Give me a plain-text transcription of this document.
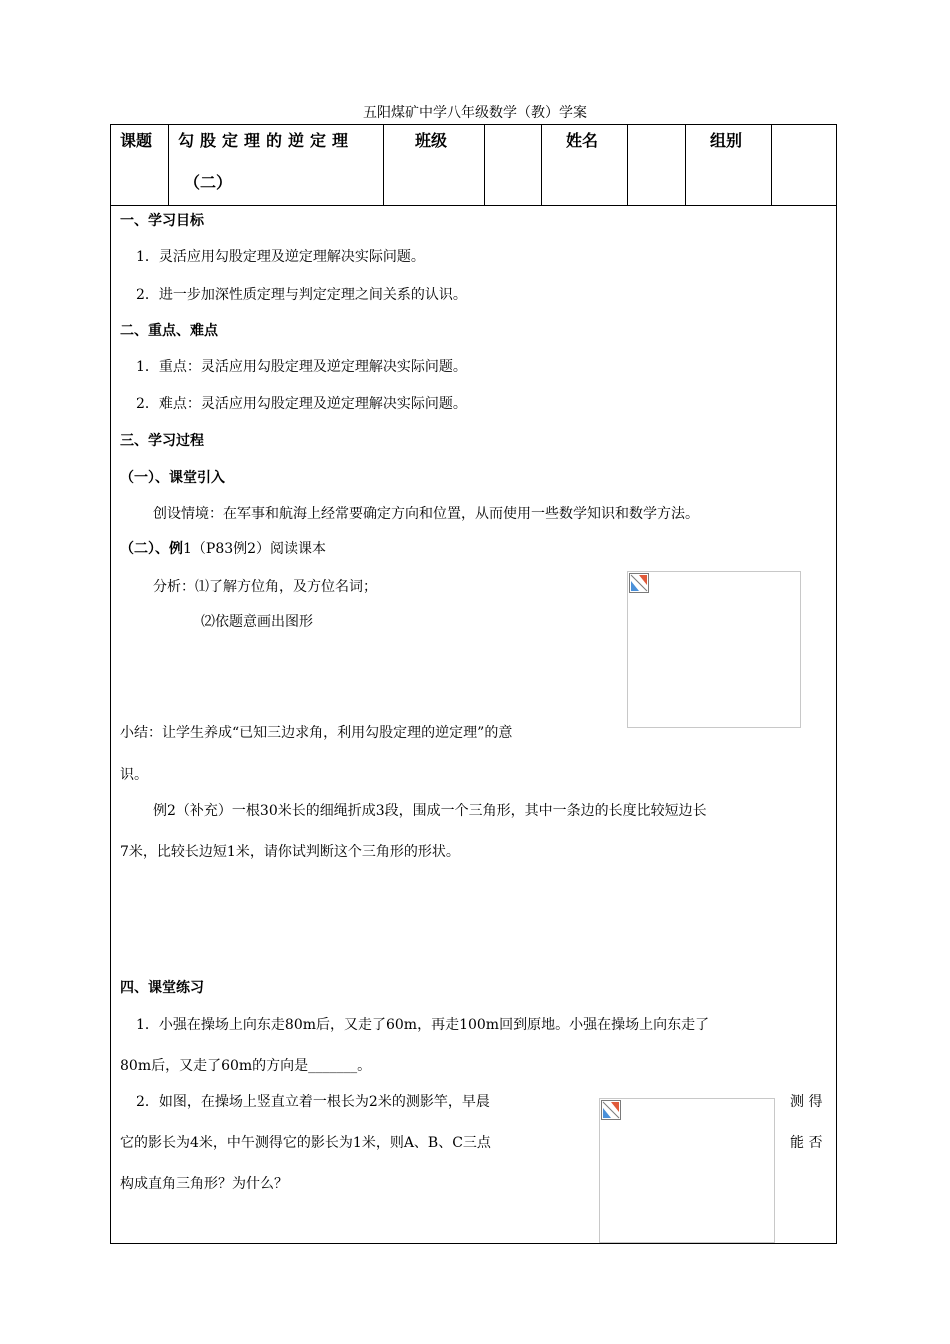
五阳煤矿中学八年级数学（教）学案
课题 勾股定理的逆定理
（二）
班级	姓名	组别
一、学习目标
1．灵活应用勾股定理及逆定理解决实际问题。
2．进一步加深性质定理与判定定理之间关系的认识。
二、重点、难点
1．重点：灵活应用勾股定理及逆定理解决实际问题。
2．难点：灵活应用勾股定理及逆定理解决实际问题。
三、学习过程
（一）、课堂引入
创设情境：在军事和航海上经常要确定方向和位置，从而使用一些数学知识和数学方法。
（二）、例1（P83例2）阅读课本
分析：⑴了解方位角，及方位名词；
⑵依题意画出图形
小结：让学生养成“已知三边求角，利用勾股定理的逆定理”的意
识。
例2（补充）一根30米长的细绳折成3段，围成一个三角形，其中一条边的长度比较短边长
7米，比较长边短1米，请你试判断这个三角形的形状。
四、课堂练习
1．小强在操场上向东走80m后，又走了60m，再走100m回到原地。小强在操场上向东走了
80m后，又走了60m的方向是_______。
2．如图，在操场上竖直立着一根长为2米的测影竿，早晨
它的影长为4米，中午测得它的影长为1米，则A、B、C三点
构成直角三角形？为什么？
测 得
能 否
